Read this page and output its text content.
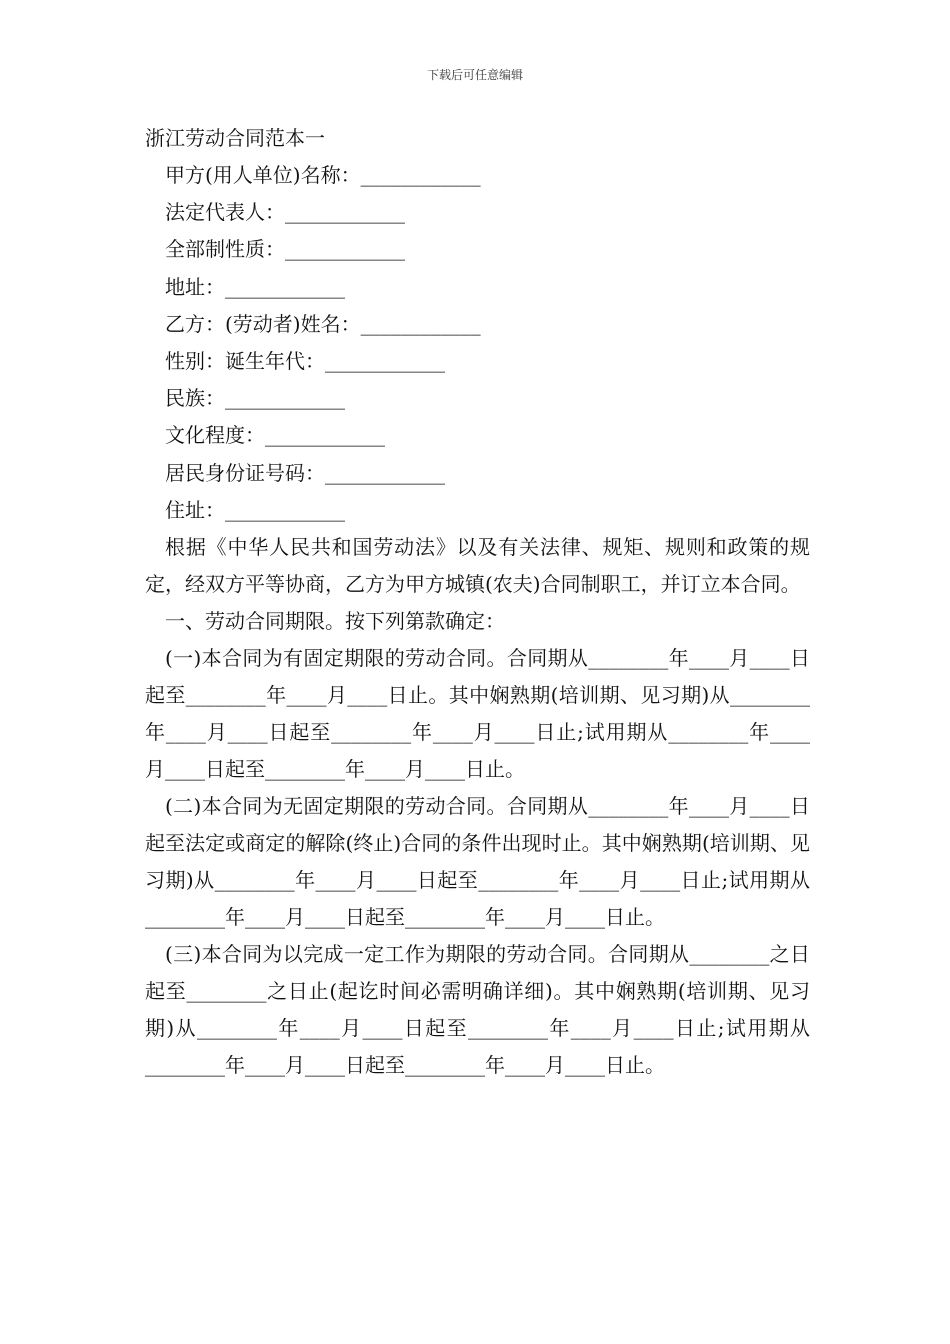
下载后可任意编辑

浙江劳动合同范本一

甲方(用人单位)名称：____________

法定代表人：____________

全部制性质：____________

地址：____________

乙方：(劳动者)姓名：____________

性别：诞生年代：____________

民族：____________

文化程度：____________

居民身份证号码：____________

住址：____________

根据《中华人民共和国劳动法》以及有关法律、规矩、规则和政策的规定，经双方平等协商，乙方为甲方城镇(农夫)合同制职工，并订立本合同。

一、劳动合同期限。按下列第款确定：

(一)本合同为有固定期限的劳动合同。合同期从________年____月____日起至________年____月____日止。其中娴熟期(培训期、见习期)从________年____月____日起至________年____月____日止;试用期从________年____月____日起至________年____月____日止。

(二)本合同为无固定期限的劳动合同。合同期从________年____月____日起至法定或商定的解除(终止)合同的条件出现时止。其中娴熟期(培训期、见习期)从________年____月____日起至________年____月____日止;试用期从________年____月____日起至________年____月____日止。

(三)本合同为以完成一定工作为期限的劳动合同。合同期从________之日起至________之日止(起讫时间必需明确详细)。其中娴熟期(培训期、见习期)从________年____月____日起至________年____月____日止;试用期从________年____月____日起至________年____月____日止。
